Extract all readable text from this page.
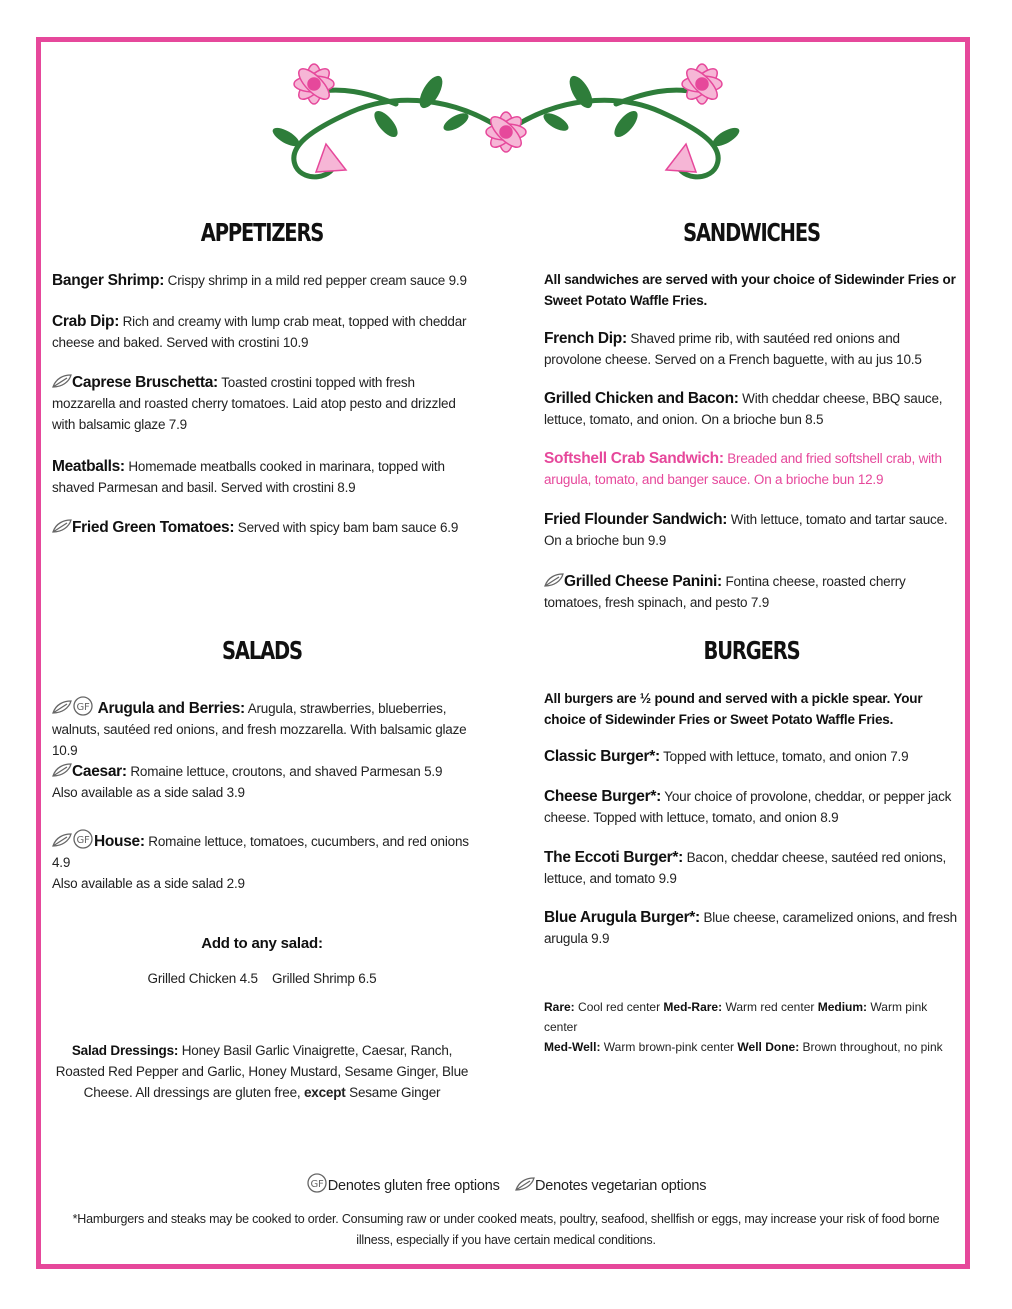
APPETIZERS

Banger Shrimp: Crispy shrimp in a mild red pepper cream sauce 9.9

Crab Dip: Rich and creamy with lump crab meat, topped with cheddar cheese and baked. Served with crostini 10.9

Caprese Bruschetta: Toasted crostini topped with fresh mozzarella and roasted cherry tomatoes. Laid atop pesto and drizzled with balsamic glaze 7.9

Meatballs: Homemade meatballs cooked in marinara, topped with shaved Parmesan and basil. Served with crostini 8.9

Fried Green Tomatoes: Served with spicy bam bam sauce 6.9

SALADS

GF Arugula and Berries: Arugula, strawberries, blueberries, walnuts, sautéed red onions, and fresh mozzarella. With balsamic glaze 10.9

Caesar: Romaine lettuce, croutons, and shaved Parmesan 5.9
Also available as a side salad 3.9

GF House: Romaine lettuce, tomatoes, cucumbers, and red onions 4.9
Also available as a side salad 2.9

Add to any salad:
Grilled Chicken 4.5    Grilled Shrimp 6.5

Salad Dressings: Honey Basil Garlic Vinaigrette, Caesar, Ranch, Roasted Red Pepper and Garlic, Honey Mustard, Sesame Ginger, Blue Cheese. All dressings are gluten free, except Sesame Ginger

SANDWICHES
All sandwiches are served with your choice of Sidewinder Fries or Sweet Potato Waffle Fries.

French Dip: Shaved prime rib, with sautéed red onions and provolone cheese. Served on a French baguette, with au jus 10.5

Grilled Chicken and Bacon: With cheddar cheese, BBQ sauce, lettuce, tomato, and onion. On a brioche bun 8.5

Softshell Crab Sandwich: Breaded and fried softshell crab, with arugula, tomato, and banger sauce. On a brioche bun 12.9

Fried Flounder Sandwich: With lettuce, tomato and tartar sauce. On a brioche bun 9.9

Grilled Cheese Panini: Fontina cheese, roasted cherry tomatoes, fresh spinach, and pesto 7.9

BURGERS
All burgers are ½ pound and served with a pickle spear. Your choice of Sidewinder Fries or Sweet Potato Waffle Fries.

Classic Burger*: Topped with lettuce, tomato, and onion 7.9

Cheese Burger*: Your choice of provolone, cheddar, or pepper jack cheese. Topped with lettuce, tomato, and onion 8.9

The Eccoti Burger*: Bacon, cheddar cheese, sautéed red onions, lettuce, and tomato 9.9

Blue Arugula Burger*: Blue cheese, caramelized onions, and fresh arugula 9.9

Rare: Cool red center Med-Rare: Warm red center Medium: Warm pink center
Med-Well: Warm brown-pink center Well Done: Brown throughout, no pink
GF Denotes gluten free options Denotes vegetarian options
*Hamburgers and steaks may be cooked to order. Consuming raw or under cooked meats, poultry, seafood, shellfish or eggs, may increase your risk of food borne illness, especially if you have certain medical conditions.
